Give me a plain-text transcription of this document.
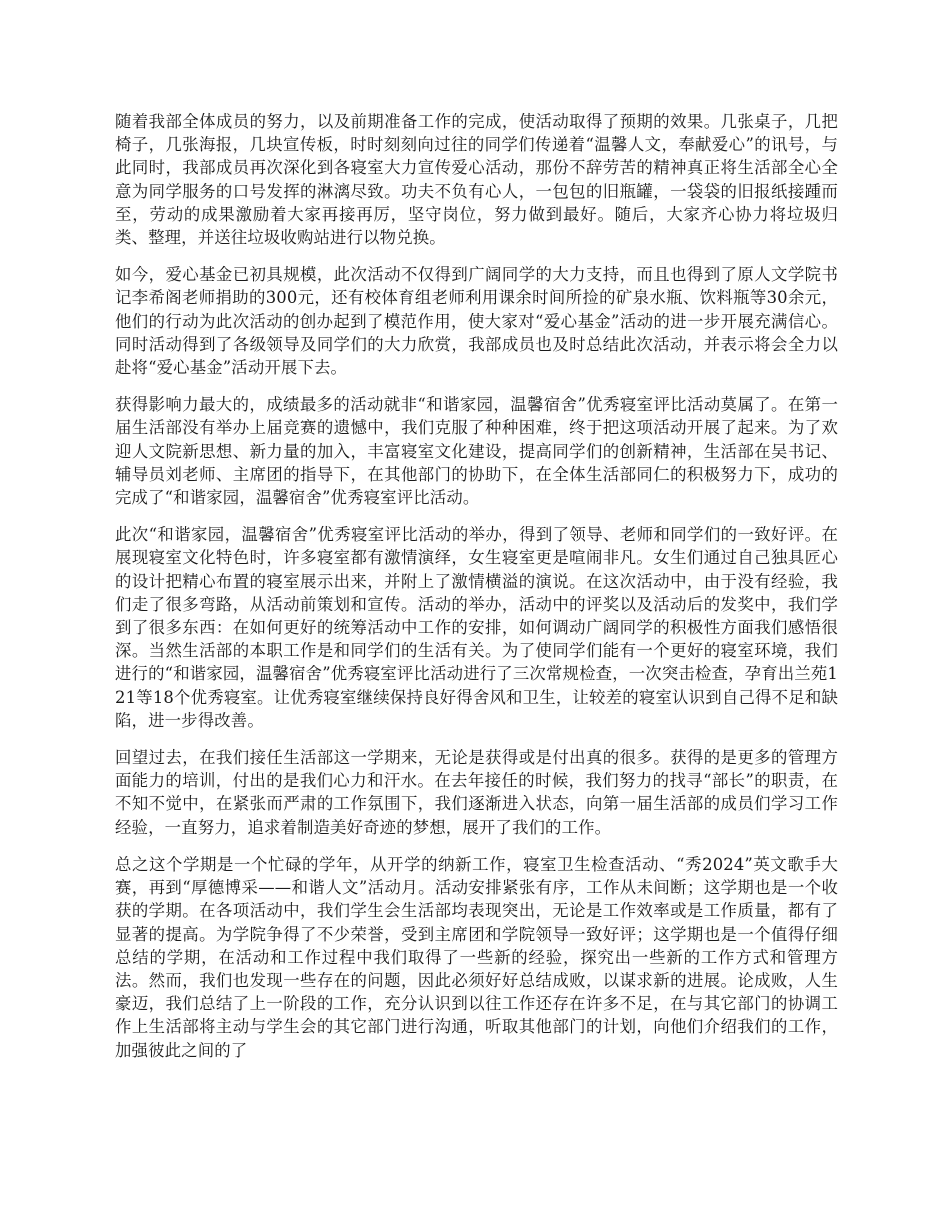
随着我部全体成员的努力，以及前期准备工作的完成，使活动取得了预期的效果。几张桌子，几把椅子，几张海报，几块宣传板，时时刻刻向过往的同学们传递着“温馨人文，奉献爱心”的讯号，与此同时，我部成员再次深化到各寝室大力宣传爱心活动，那份不辞劳苦的精神真正将生活部全心全意为同学服务的口号发挥的淋漓尽致。功夫不负有心人，一包包的旧瓶罐，一袋袋的旧报纸接踵而至，劳动的成果激励着大家再接再厉，坚守岗位，努力做到最好。随后，大家齐心协力将垃圾归类、整理，并送往垃圾收购站进行以物兑换。

如今，爱心基金已初具规模，此次活动不仅得到广阔同学的大力支持，而且也得到了原人文学院书记李希阁老师捐助的300元，还有校体育组老师利用课余时间所捡的矿泉水瓶、饮料瓶等30余元，他们的行动为此次活动的创办起到了模范作用，使大家对“爱心基金”活动的进一步开展充满信心。同时活动得到了各级领导及同学们的大力欣赏，我部成员也及时总结此次活动，并表示将会全力以赴将“爱心基金”活动开展下去。

获得影响力最大的，成绩最多的活动就非“和谐家园，温馨宿舍”优秀寝室评比活动莫属了。在第一届生活部没有举办上届竞赛的遗憾中，我们克服了种种困难，终于把这项活动开展了起来。为了欢迎人文院新思想、新力量的加入，丰富寝室文化建设，提高同学们的创新精神，生活部在吴书记、辅导员刘老师、主席团的指导下，在其他部门的协助下，在全体生活部同仁的积极努力下，成功的完成了“和谐家园，温馨宿舍”优秀寝室评比活动。

此次“和谐家园，温馨宿舍”优秀寝室评比活动的举办，得到了领导、老师和同学们的一致好评。在展现寝室文化特色时，许多寝室都有激情演绎，女生寝室更是喧闹非凡。女生们通过自己独具匠心的设计把精心布置的寝室展示出来，并附上了激情横溢的演说。在这次活动中，由于没有经验，我们走了很多弯路，从活动前策划和宣传。活动的举办，活动中的评奖以及活动后的发奖中，我们学到了很多东西：在如何更好的统筹活动中工作的安排，如何调动广阔同学的积极性方面我们感悟很深。当然生活部的本职工作是和同学们的生活有关。为了使同学们能有一个更好的寝室环境，我们进行的“和谐家园，温馨宿舍”优秀寝室评比活动进行了三次常规检查，一次突击检查，孕育出兰苑121等18个优秀寝室。让优秀寝室继续保持良好得舍风和卫生，让较差的寝室认识到自己得不足和缺陷，进一步得改善。

回望过去，在我们接任生活部这一学期来，无论是获得或是付出真的很多。获得的是更多的管理方面能力的培训，付出的是我们心力和汗水。在去年接任的时候，我们努力的找寻“部长”的职责，在不知不觉中，在紧张而严肃的工作氛围下，我们逐渐进入状态，向第一届生活部的成员们学习工作经验，一直努力，追求着制造美好奇迹的梦想，展开了我们的工作。

总之这个学期是一个忙碌的学年，从开学的纳新工作，寝室卫生检查活动、“秀2024”英文歌手大赛，再到“厚德博采——和谐人文”活动月。活动安排紧张有序，工作从未间断；这学期也是一个收获的学期。在各项活动中，我们学生会生活部均表现突出，无论是工作效率或是工作质量，都有了显著的提高。为学院争得了不少荣誉，受到主席团和学院领导一致好评；这学期也是一个值得仔细总结的学期，在活动和工作过程中我们取得了一些新的经验，探究出一些新的工作方式和管理方法。然而，我们也发现一些存在的问题，因此必须好好总结成败，以谋求新的进展。论成败，人生豪迈，我们总结了上一阶段的工作，充分认识到以往工作还存在许多不足，在与其它部门的协调工作上生活部将主动与学生会的其它部门进行沟通，听取其他部门的计划，向他们介绍我们的工作，加强彼此之间的了
